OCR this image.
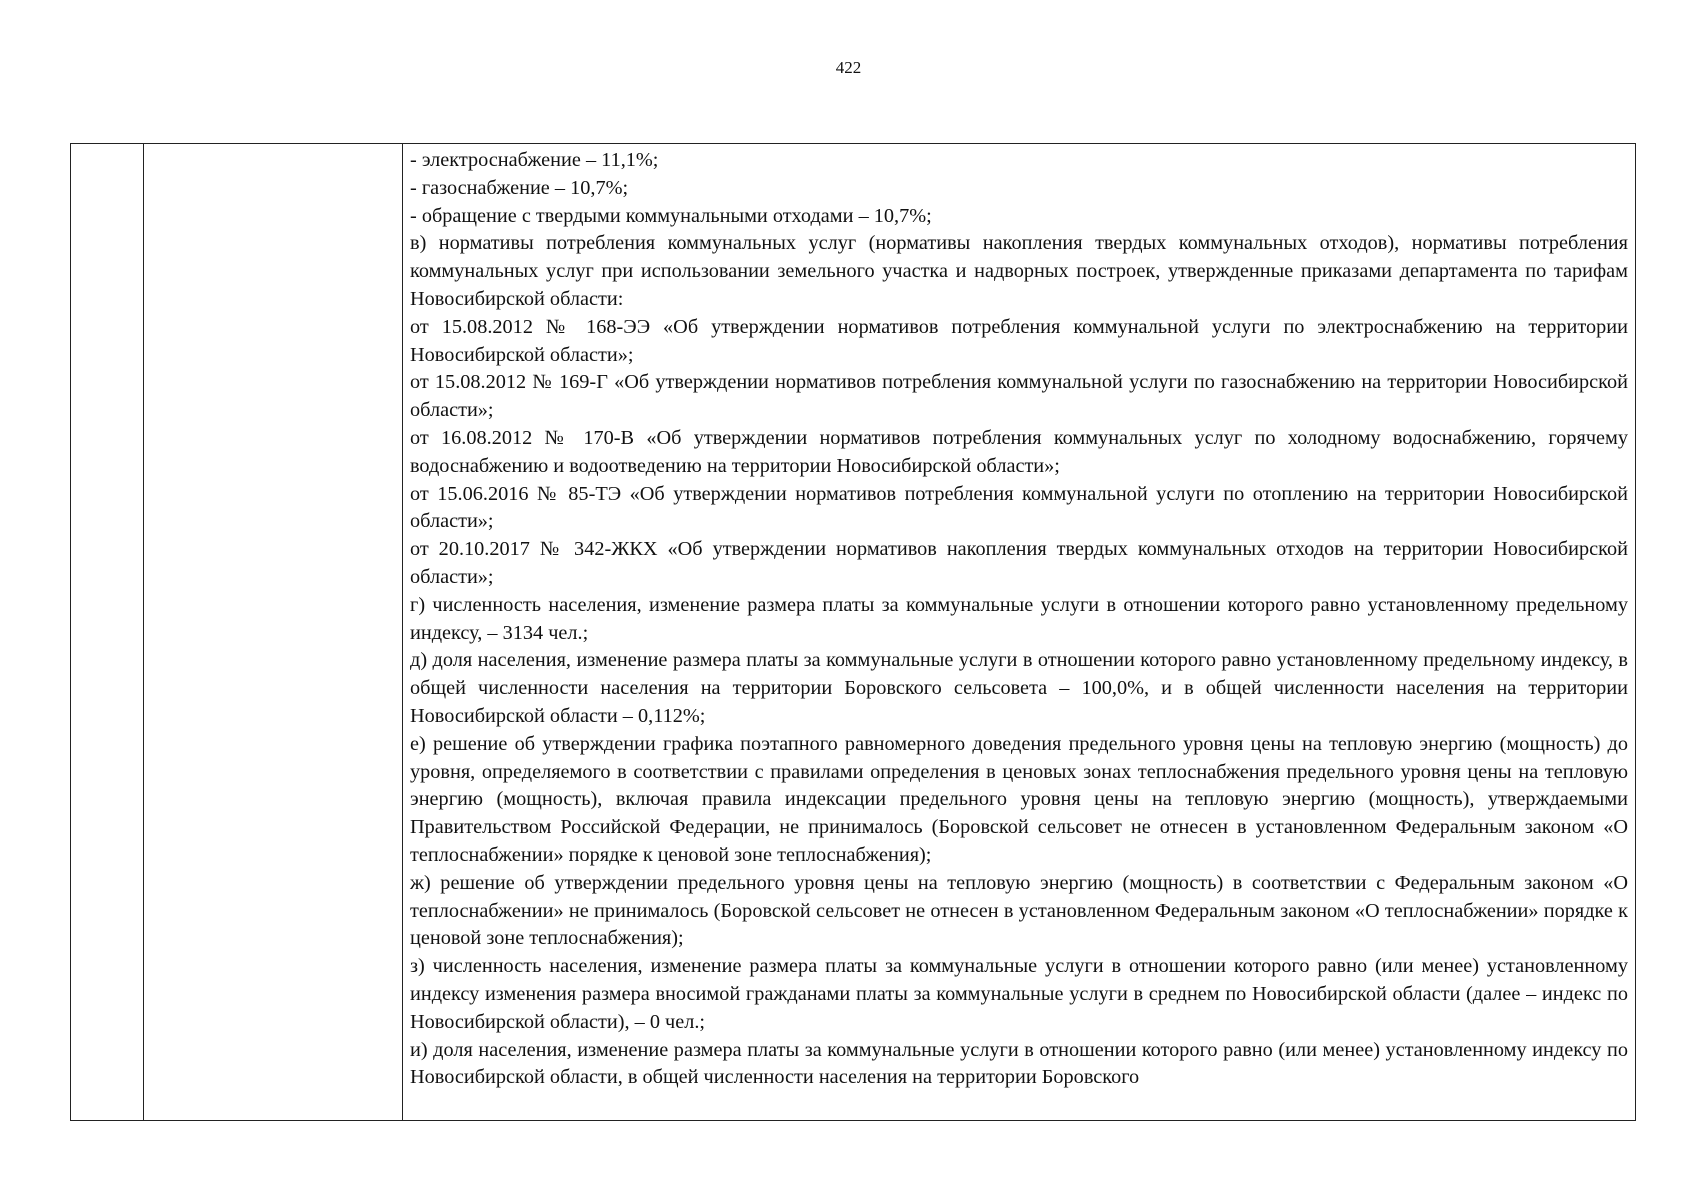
422

- электроснабжение – 11,1%;

- газоснабжение – 10,7%;

- обращение с твердыми коммунальными отходами – 10,7%;

в) нормативы потребления коммунальных услуг (нормативы накопления твердых коммунальных отходов), нормативы потребления коммунальных услуг при использовании земельного участка и надворных построек, утвержденные приказами департамента по тарифам Новосибирской области:

от 15.08.2012 № 168-ЭЭ «Об утверждении нормативов потребления коммунальной услуги по электроснабжению на территории Новосибирской области»;

от 15.08.2012 № 169-Г «Об утверждении нормативов потребления коммунальной услуги по газоснабжению на территории Новосибирской области»;

от 16.08.2012 № 170-В «Об утверждении нормативов потребления коммунальных услуг по холодному водоснабжению, горячему водоснабжению и водоотведению на территории Новосибирской области»;

от 15.06.2016 № 85-ТЭ «Об утверждении нормативов потребления коммунальной услуги по отоплению на территории Новосибирской области»;

от 20.10.2017 № 342-ЖКХ «Об утверждении нормативов накопления твердых коммунальных отходов на территории Новосибирской области»;

г) численность населения, изменение размера платы за коммунальные услуги в отношении которого равно установленному предельному индексу, – 3134 чел.;

д) доля населения, изменение размера платы за коммунальные услуги в отношении которого равно установленному предельному индексу, в общей численности населения на территории Боровского сельсовета – 100,0%, и в общей численности населения на территории Новосибирской области – 0,112%;

е) решение об утверждении графика поэтапного равномерного доведения предельного уровня цены на тепловую энергию (мощность) до уровня, определяемого в соответствии с правилами определения в ценовых зонах теплоснабжения предельного уровня цены на тепловую энергию (мощность), включая правила индексации предельного уровня цены на тепловую энергию (мощность), утверждаемыми Правительством Российской Федерации, не принималось (Боровской сельсовет не отнесен в установленном Федеральным законом «О теплоснабжении» порядке к ценовой зоне теплоснабжения);

ж) решение об утверждении предельного уровня цены на тепловую энергию (мощность) в соответствии с Федеральным законом «О теплоснабжении» не принималось (Боровской сельсовет не отнесен в установленном Федеральным законом «О теплоснабжении» порядке к ценовой зоне теплоснабжения);

з) численность населения, изменение размера платы за коммунальные услуги в отношении которого равно (или менее) установленному индексу изменения размера вносимой гражданами платы за коммунальные услуги в среднем по Новосибирской области (далее – индекс по Новосибирской области), – 0 чел.;

и) доля населения, изменение размера платы за коммунальные услуги в отношении которого равно (или менее) установленному индексу по Новосибирской области, в общей численности населения на территории Боровского
